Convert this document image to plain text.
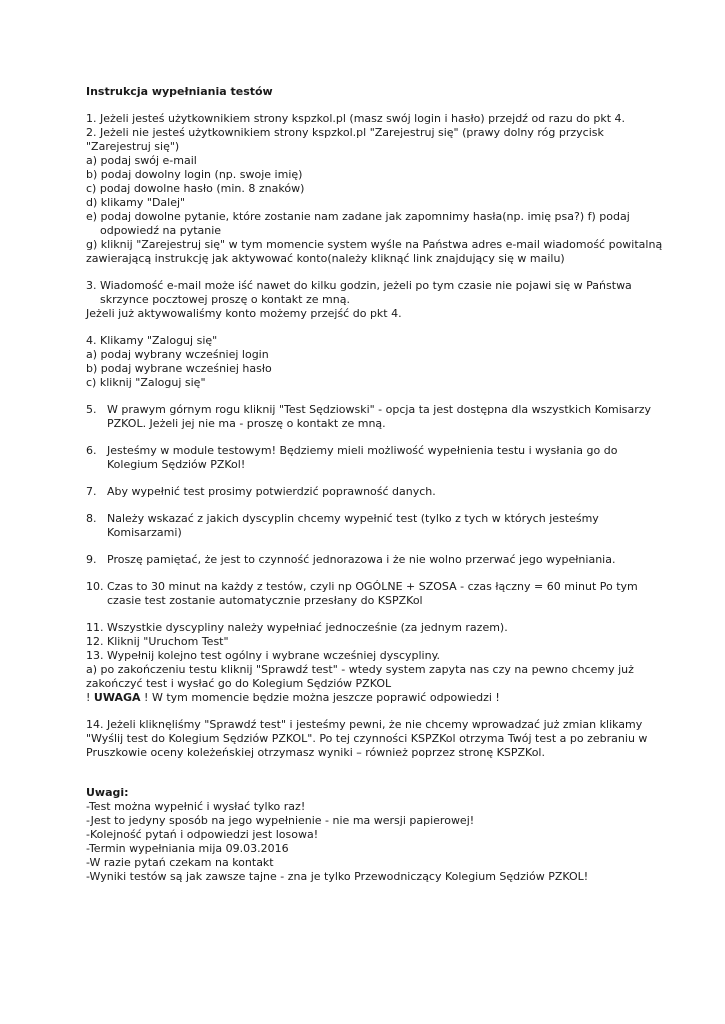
Instrukcja wypełniania testów

1. Jeżeli jesteś użytkownikiem strony kspzkol.pl (masz swój login i hasło) przejdź od razu do pkt 4.

2. Jeżeli nie jesteś użytkownikiem strony kspzkol.pl "Zarejestruj się" (prawy dolny róg przycisk

"Zarejestruj się")

a) podaj swój e-mail

b) podaj dowolny login (np. swoje imię)

c) podaj dowolne hasło (min. 8 znaków)

d) klikamy "Dalej"

e) podaj dowolne pytanie, które zostanie nam zadane jak zapomnimy hasła(np. imię psa?) f) podaj

odpowiedź na pytanie

g) kliknij "Zarejestruj się" w tym momencie system wyśle na Państwa adres e-mail wiadomość powitalną

zawierającą instrukcję jak aktywować konto(należy kliknąć link znajdujący się w mailu)

3. Wiadomość e-mail może iść nawet do kilku godzin, jeżeli po tym czasie nie pojawi się w Państwa

skrzynce pocztowej proszę o kontakt ze mną.

Jeżeli już aktywowaliśmy konto możemy przejść do pkt 4.

4. Klikamy "Zaloguj się"

a) podaj wybrany wcześniej login

b) podaj wybrane wcześniej hasło

c) kliknij "Zaloguj się"

5. W prawym górnym rogu kliknij "Test Sędziowski" - opcja ta jest dostępna dla wszystkich Komisarzy

PZKOL. Jeżeli jej nie ma - proszę o kontakt ze mną.

6. Jesteśmy w module testowym! Będziemy mieli możliwość wypełnienia testu i wysłania go do

Kolegium Sędziów PZKol!

7. Aby wypełnić test prosimy potwierdzić poprawność danych.

8. Należy wskazać z jakich dyscyplin chcemy wypełnić test (tylko z tych w których jesteśmy

Komisarzami)

9. Proszę pamiętać, że jest to czynność jednorazowa i że nie wolno przerwać jego wypełniania.

10. Czas to 30 minut na każdy z testów, czyli np OGÓLNE + SZOSA - czas łączny = 60 minut Po tym

czasie test zostanie automatycznie przesłany do KSPZKol

11. Wszystkie dyscypliny należy wypełniać jednocześnie (za jednym razem).

12. Kliknij "Uruchom Test"

13. Wypełnij kolejno test ogólny i wybrane wcześniej dyscypliny.

a) po zakończeniu testu kliknij "Sprawdź test" - wtedy system zapyta nas czy na pewno chcemy już

zakończyć test i wysłać go do Kolegium Sędziów PZKOL

! UWAGA ! W tym momencie będzie można jeszcze poprawić odpowiedzi !

14. Jeżeli kliknęliśmy "Sprawdź test" i jesteśmy pewni, że nie chcemy wprowadzać już zmian klikamy

"Wyślij test do Kolegium Sędziów PZKOL". Po tej czynności KSPZKol otrzyma Twój test a po zebraniu w

Pruszkowie oceny koleżeńskiej otrzymasz wyniki – również poprzez stronę KSPZKol.

Uwagi:

-Test można wypełnić i wysłać tylko raz!

-Jest to jedyny sposób na jego wypełnienie - nie ma wersji papierowej!

-Kolejność pytań i odpowiedzi jest losowa!

-Termin wypełniania mija 09.03.2016

-W razie pytań czekam na kontakt

-Wyniki testów są jak zawsze tajne - zna je tylko Przewodniczący Kolegium Sędziów PZKOL!
